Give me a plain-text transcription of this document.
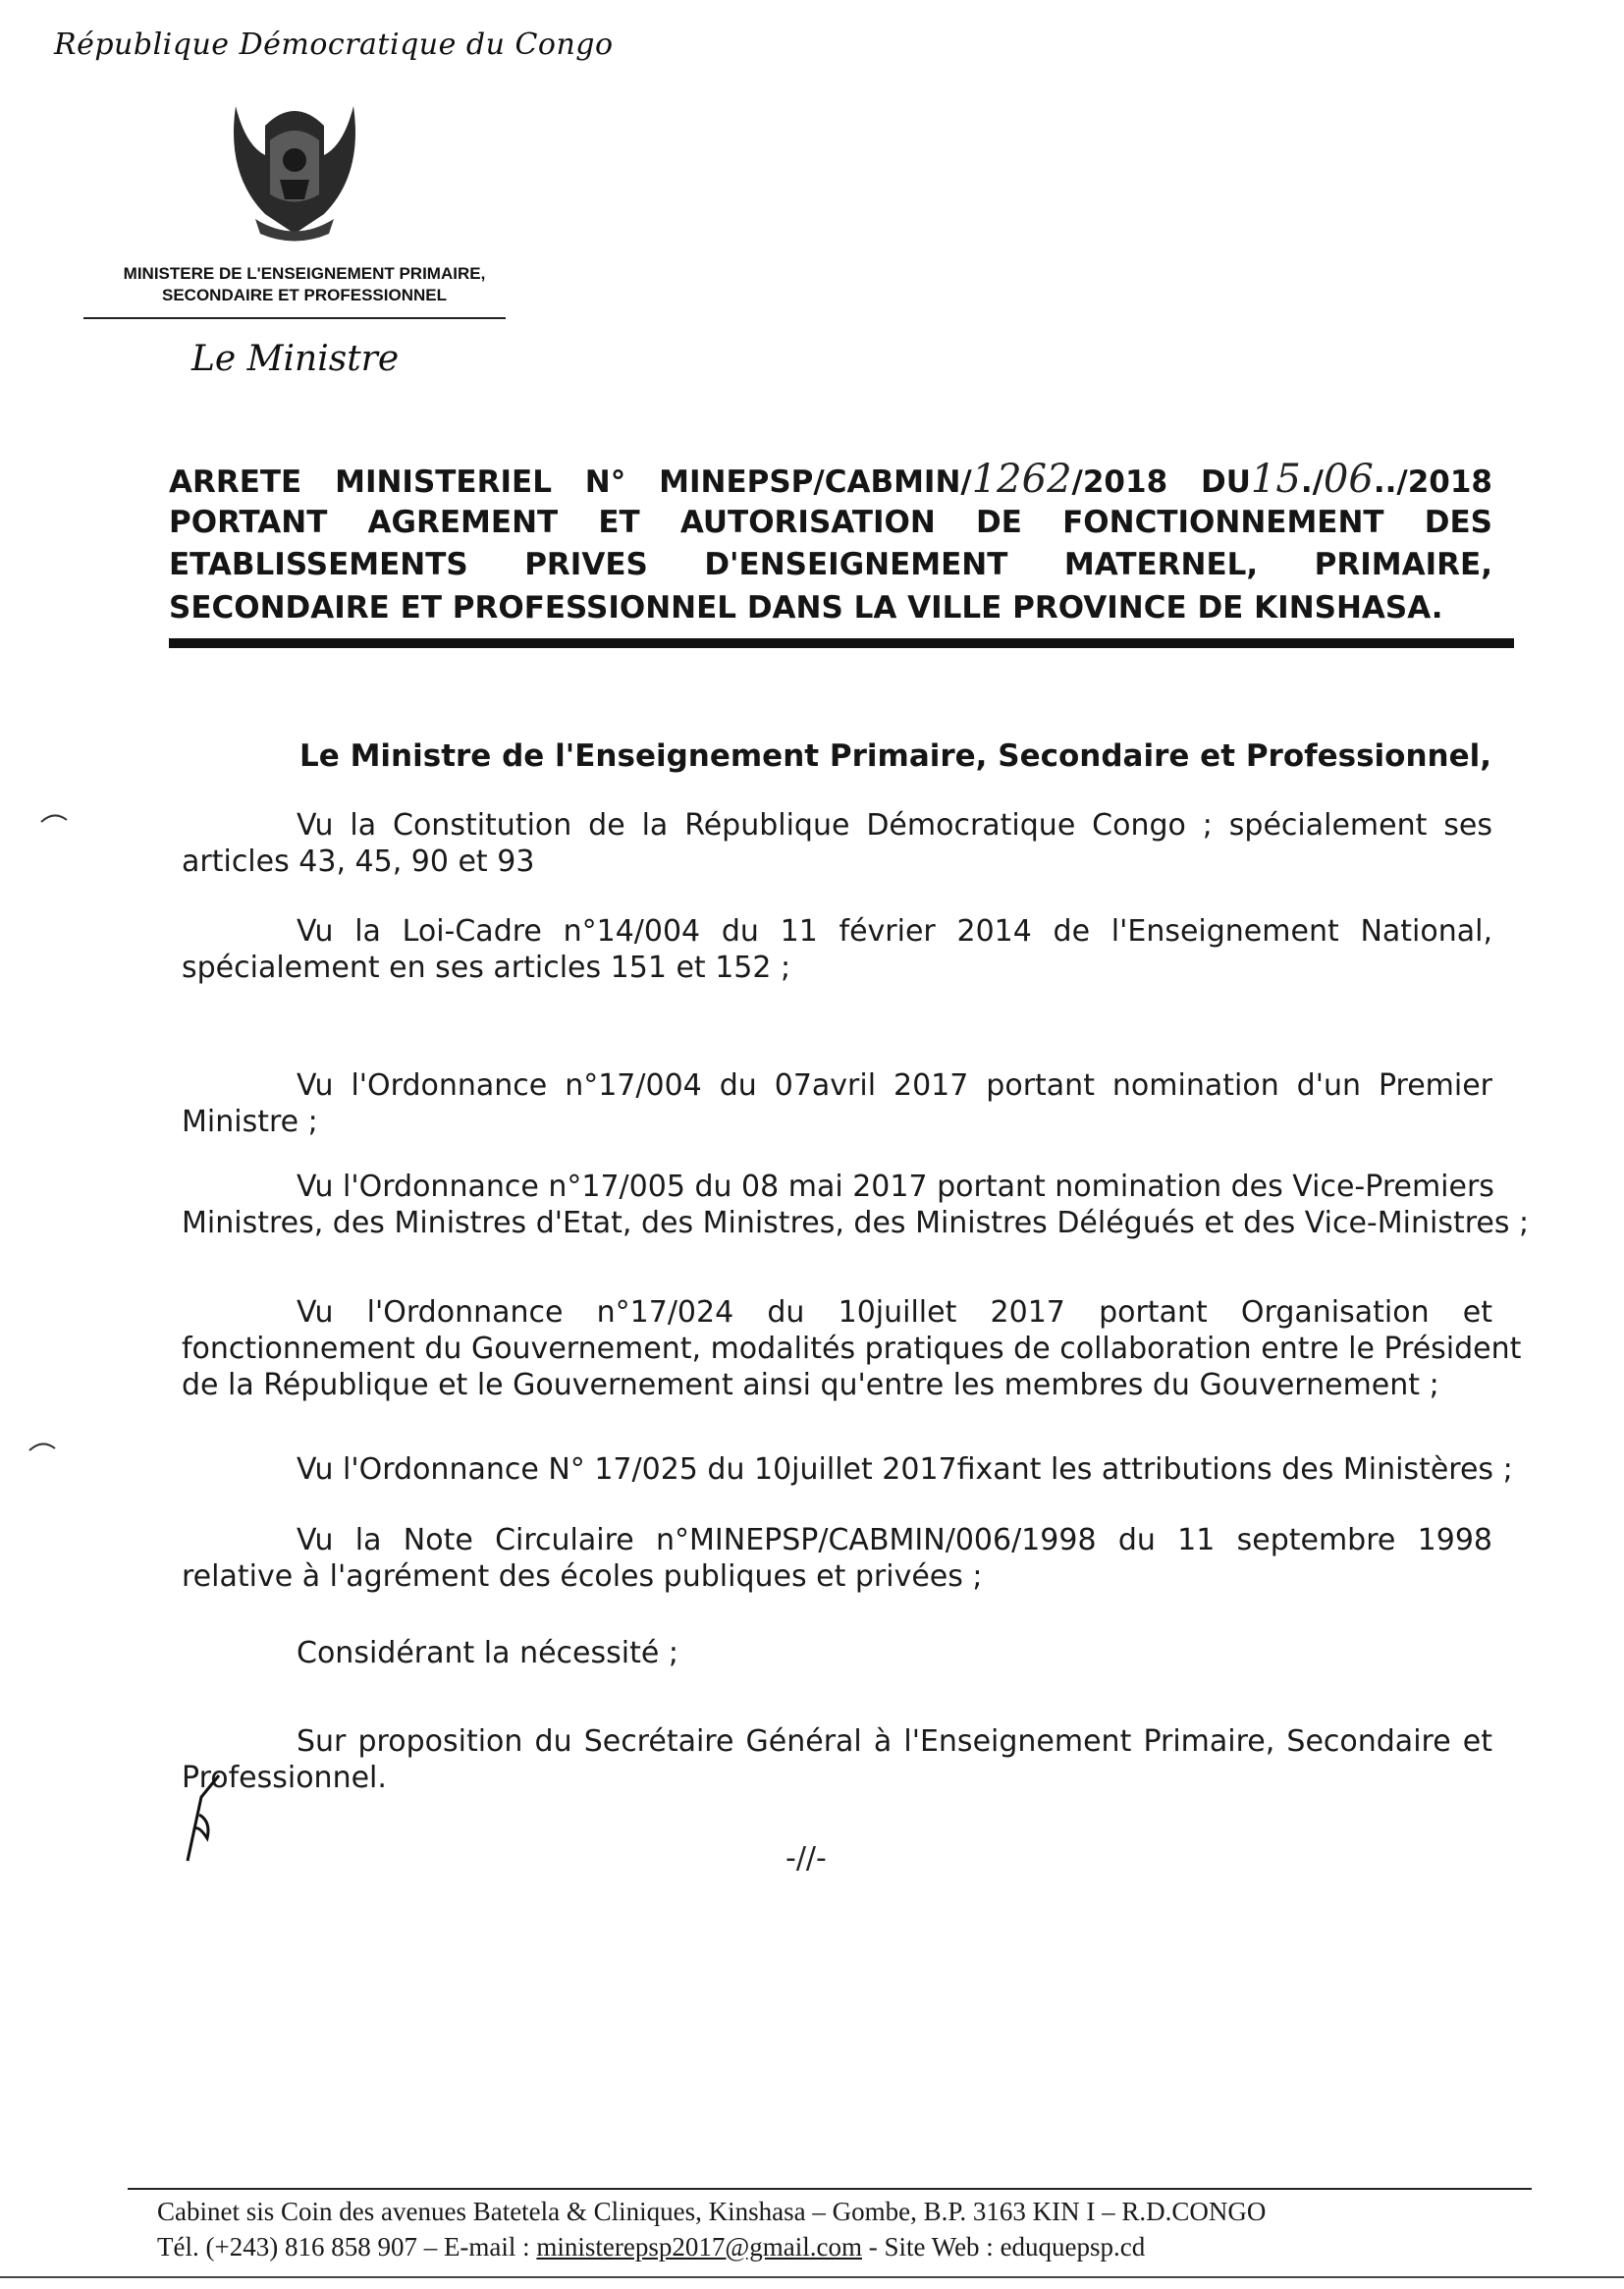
République Démocratique du Congo
MINISTERE DE L'ENSEIGNEMENT PRIMAIRE,
SECONDAIRE ET PROFESSIONNEL
Le Ministre
ARRETE MINISTERIEL N° MINEPSP/CABMIN/1262/2018 DU15./06../2018
PORTANT AGREMENT ET AUTORISATION DE FONCTIONNEMENT DES
ETABLISSEMENTS PRIVES D'ENSEIGNEMENT MATERNEL, PRIMAIRE,
SECONDAIRE ET PROFESSIONNEL DANS LA VILLE PROVINCE DE KINSHASA.
Le Ministre de l'Enseignement Primaire, Secondaire et Professionnel,
Vu la Constitution de la République Démocratique Congo ; spécialement ses
articles 43, 45, 90 et 93
Vu la Loi-Cadre n°14/004 du 11 février 2014 de l'Enseignement National,
spécialement en ses articles 151 et 152 ;
Vu l'Ordonnance n°17/004 du 07avril 2017 portant nomination d'un Premier
Ministre ;
Vu l'Ordonnance n°17/005 du 08 mai 2017 portant nomination des Vice-Premiers
Ministres, des Ministres d'Etat, des Ministres, des Ministres Délégués et des Vice-Ministres ;
Vu l'Ordonnance n°17/024 du 10juillet 2017 portant Organisation et
fonctionnement du Gouvernement, modalités pratiques de collaboration entre le Président
de la République et le Gouvernement ainsi qu'entre les membres du Gouvernement ;
Vu l'Ordonnance N° 17/025 du 10juillet 2017fixant les attributions des Ministères ;
Vu la Note Circulaire n°MINEPSP/CABMIN/006/1998 du 11 septembre 1998
relative à l'agrément des écoles publiques et privées ;
Considérant la nécessité ;
Sur proposition du Secrétaire Général à l'Enseignement Primaire, Secondaire et
Professionnel.
-//-
Cabinet sis Coin des avenues Batetela & Cliniques, Kinshasa – Gombe, B.P. 3163 KIN I – R.D.CONGO
Tél. (+243) 816 858 907 – E-mail : ministerepsp2017@gmail.com - Site Web : eduquepsp.cd
